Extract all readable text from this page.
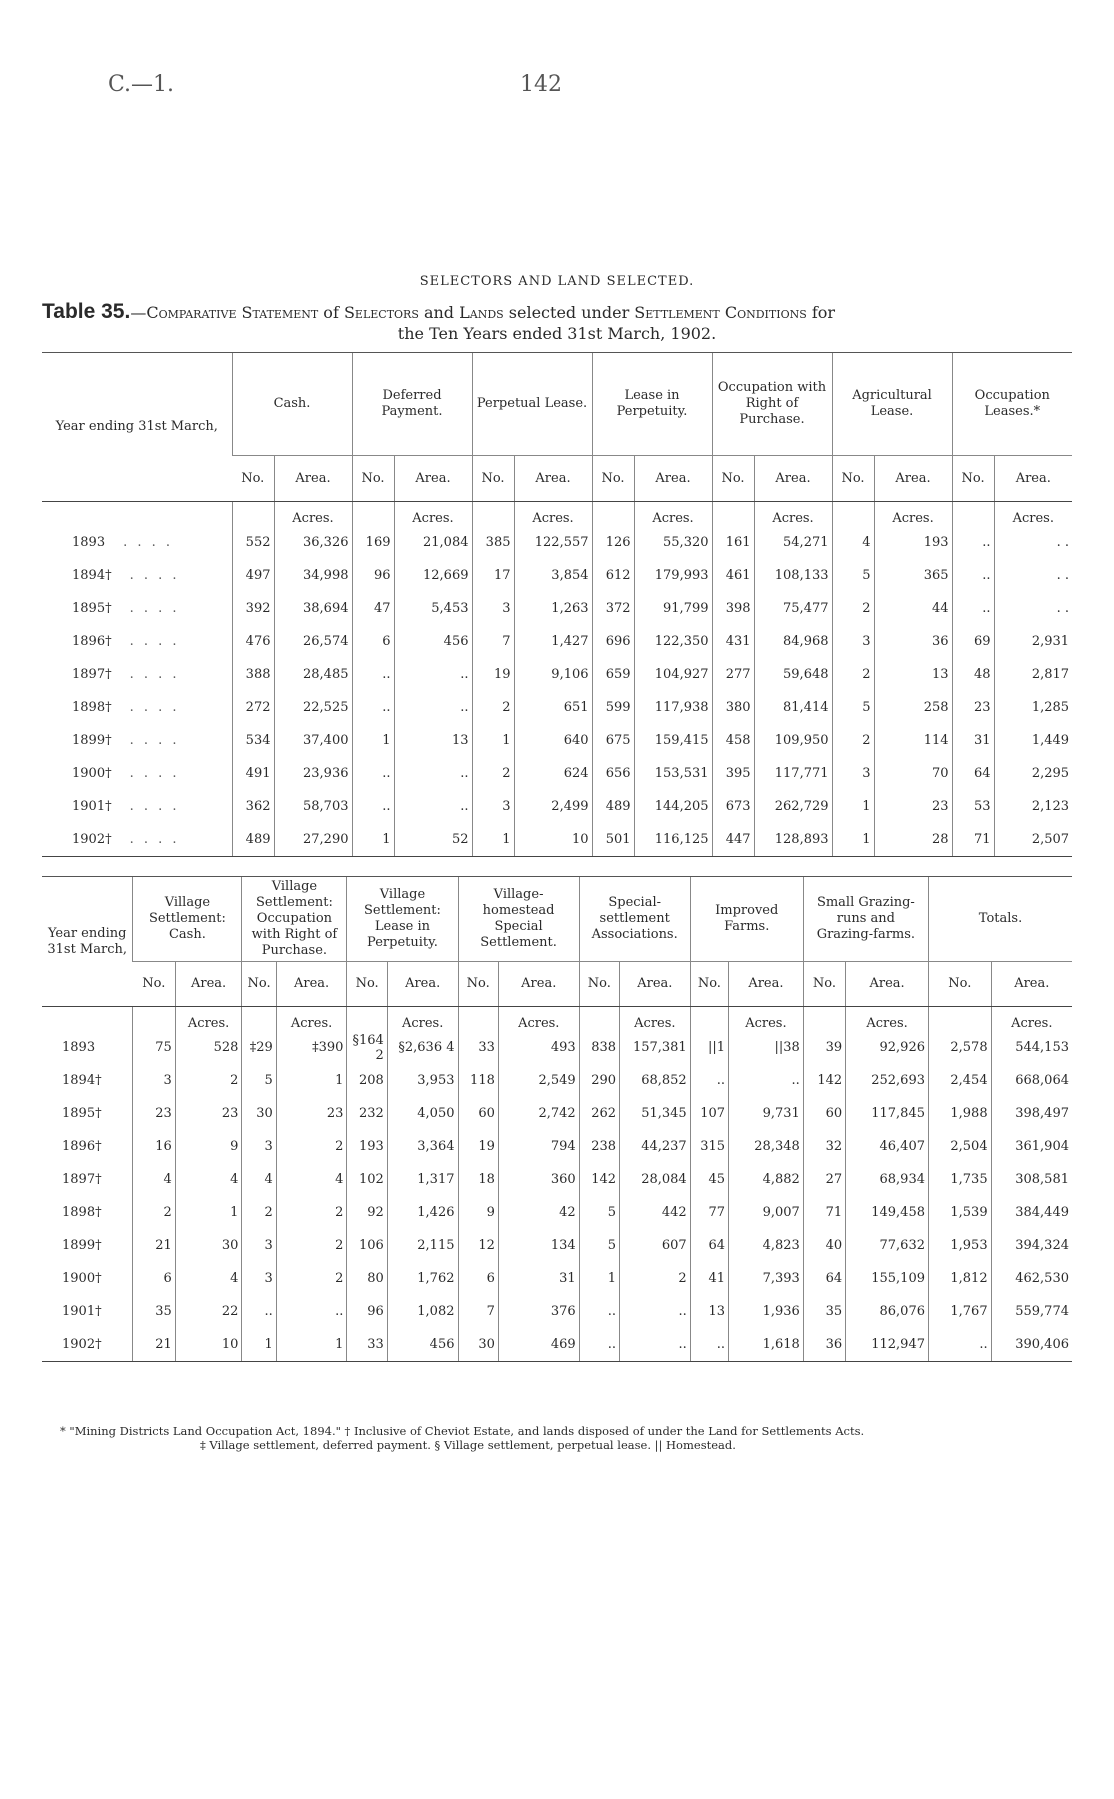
C.—1.	142
SELECTORS AND LAND SELECTED.
Table 35.—Comparative Statement of Selectors and Lands selected under Settlement Conditions for
the Ten Years ended 31st March, 1902.
Year ending 31st March,	Cash.		Deferred Payment.		Perpetual Lease.		Lease in Perpetuity.		Occupation with Right of Purchase.		Agricultural Lease.		Occupation Leases.*	
	No.	Area.	No.	Area.	No.	Area.	No.	Area.	No.	Area.	No.	Area.	No.	Area.

		Acres.		Acres.		Acres.		Acres.		Acres.		Acres.		Acres.
1893 . . . .	552	36,326	169	21,084	385	122,557	126	55,320	161	54,271	4	193	..	. .
1894† . . . .	497	34,998	96	12,669	17	3,854	612	179,993	461	108,133	5	365	..	. .
1895† . . . .	392	38,694	47	5,453	3	1,263	372	91,799	398	75,477	2	44	..	. .
1896† . . . .	476	26,574	6	456	7	1,427	696	122,350	431	84,968	3	36	69	2,931
1897† . . . .	388	28,485	..	..	19	9,106	659	104,927	277	59,648	2	13	48	2,817
1898† . . . .	272	22,525	..	..	2	651	599	117,938	380	81,414	5	258	23	1,285
1899† . . . .	534	37,400	1	13	1	640	675	159,415	458	109,950	2	114	31	1,449
1900† . . . .	491	23,936	..	..	2	624	656	153,531	395	117,771	3	70	64	2,295
1901† . . . .	362	58,703	..	..	3	2,499	489	144,205	673	262,729	1	23	53	2,123
1902† . . . .	489	27,290	1	52	1	10	501	116,125	447	128,893	1	28	71	2,507
Year ending 31st March,	Village Settlement: Cash.		Village Settlement: Occupation with Right of Purchase.		Village Settlement: Lease in Perpetuity.		Village-homestead Special Settlement.		Special-settlement Associations.		Improved Farms.		Small Grazing-runs and Grazing-farms.		Totals.	
	No.	Area.	No.	Area.	No.	Area.	No.	Area.	No.	Area.	No.	Area.	No.	Area.	No.	Area.

		Acres.		Acres.		Acres.		Acres.		Acres.		Acres.		Acres.		Acres.
1893	75	528	‡29	‡390	§164 2	§2,636 4	33	493	838	157,381	||1	||38	39	92,926	2,578	544,153
1894†	3	2	5	1	208	3,953	118	2,549	290	68,852	..	..	142	252,693	2,454	668,064
1895†	23	23	30	23	232	4,050	60	2,742	262	51,345	107	9,731	60	117,845	1,988	398,497
1896†	16	9	3	2	193	3,364	19	794	238	44,237	315	28,348	32	46,407	2,504	361,904
1897†	4	4	4	4	102	1,317	18	360	142	28,084	45	4,882	27	68,934	1,735	308,581
1898†	2	1	2	2	92	1,426	9	42	5	442	77	9,007	71	149,458	1,539	384,449
1899†	21	30	3	2	106	2,115	12	134	5	607	64	4,823	40	77,632	1,953	394,324
1900†	6	4	3	2	80	1,762	6	31	1	2	41	7,393	64	155,109	1,812	462,530
1901†	35	22	..	..	96	1,082	7	376	..	..	13	1,936	35	86,076	1,767	559,774
1902†	21	10	1	1	33	456	30	469	..	..	..	1,618	36	112,947	..	390,406
* "Mining Districts Land Occupation Act, 1894." † Inclusive of Cheviot Estate, and lands disposed of under the Land for Settlements Acts.
‡ Village settlement, deferred payment. § Village settlement, perpetual lease. || Homestead.
